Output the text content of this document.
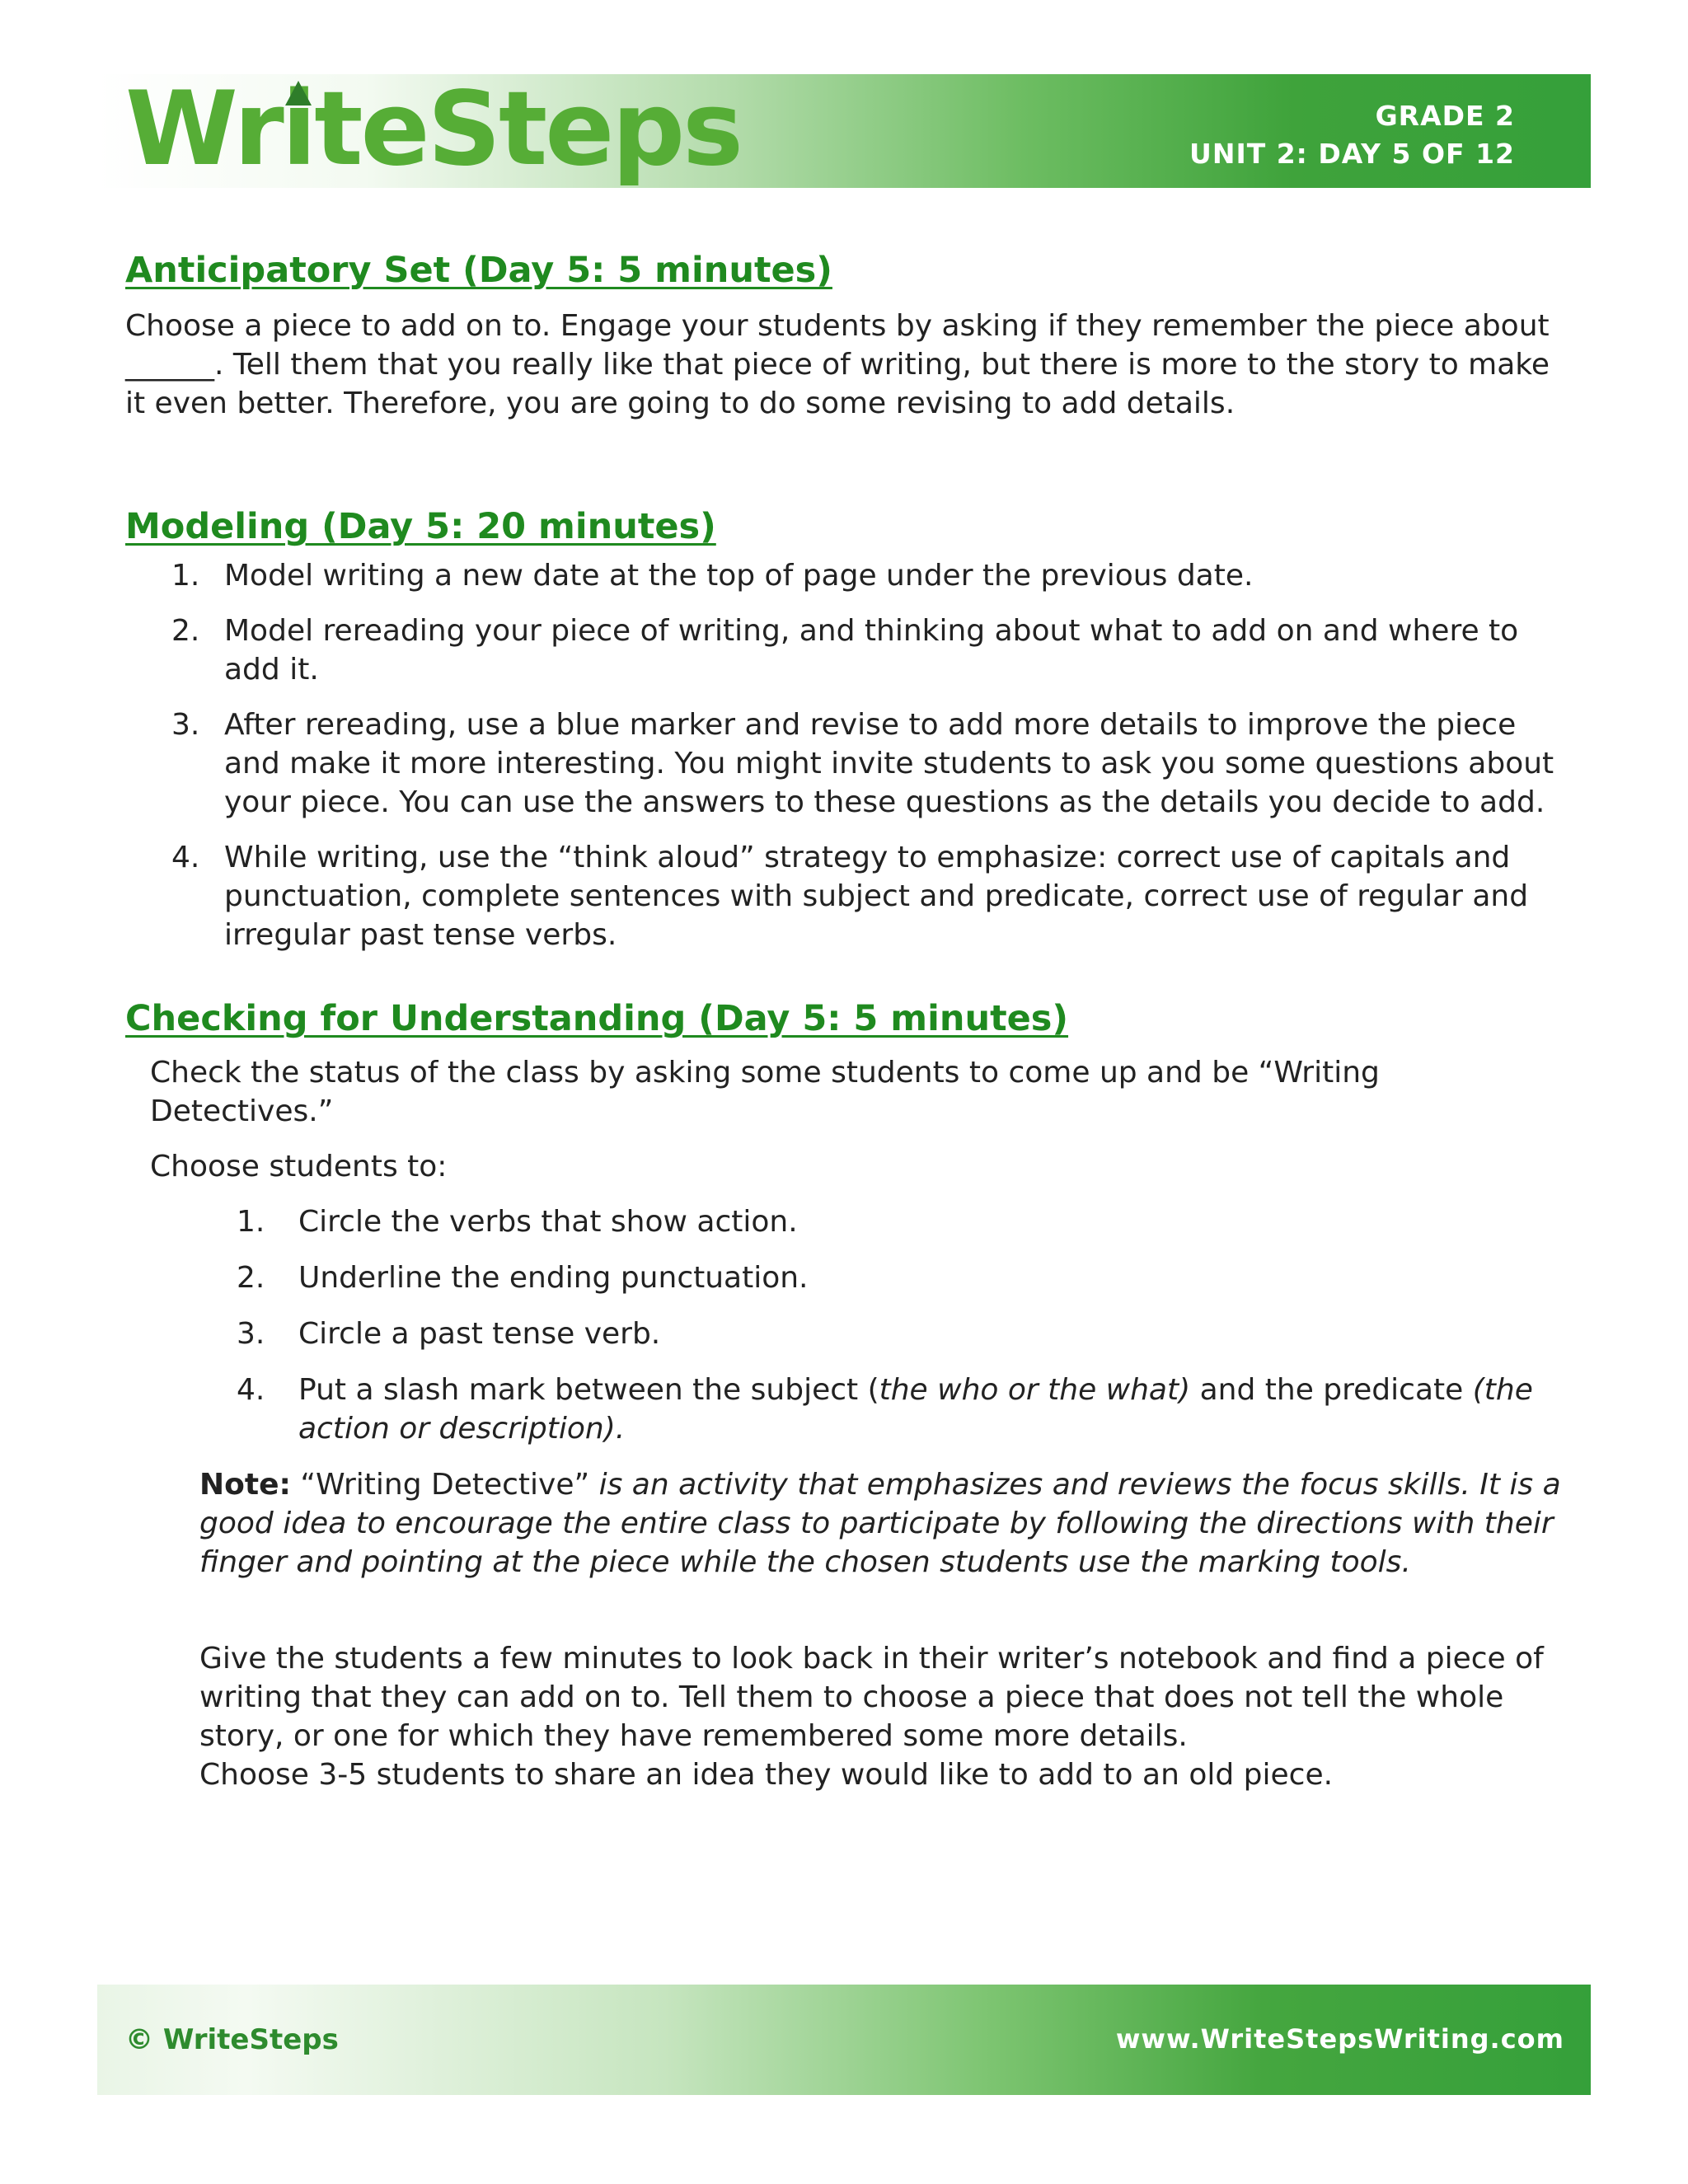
Wr
iteSteps	GRADE 2
UNIT 2: DAY 5 OF 12
Anticipatory Set (Day 5: 5 minutes)

Choose a piece to add on to. Engage your students by asking if they remember the piece about ______. Tell them that you really like that piece of writing, but there is more to the story to make it even better. Therefore, you are going to do some revising to add details.

Modeling (Day 5: 20 minutes)
1. Model writing a new date at the top of page under the previous date.
2. Model rereading your piece of writing, and thinking about what to add on and where to add it.
3. After rereading, use a blue marker and revise to add more details to improve the piece and make it more interesting. You might invite students to ask you some questions about your piece. You can use the answers to these questions as the details you decide to add.
4. While writing, use the “think aloud” strategy to emphasize: correct use of capitals and punctuation, complete sentences with subject and predicate, correct use of regular and irregular past tense verbs.
Checking for Understanding (Day 5: 5 minutes)

Check the status of the class by asking some students to come up and be “Writing Detectives.”

Choose students to:

1. Circle the verbs that show action.
2. Underline the ending punctuation.
3. Circle a past tense verb.
4. Put a slash mark between the subject (the who or the what) and the predicate (the action or description).

Note: “Writing Detective” is an activity that emphasizes and reviews the focus skills. It is a good idea to encourage the entire class to participate by following the directions with their finger and pointing at the piece while the chosen students use the marking tools.

Give the students a few minutes to look back in their writer’s notebook and find a piece of writing that they can add on to. Tell them to choose a piece that does not tell the whole story, or one for which they have remembered some more details.

Choose 3-5 students to share an idea they would like to add to an old piece.

© WriteSteps	www.WriteStepsWriting.com
